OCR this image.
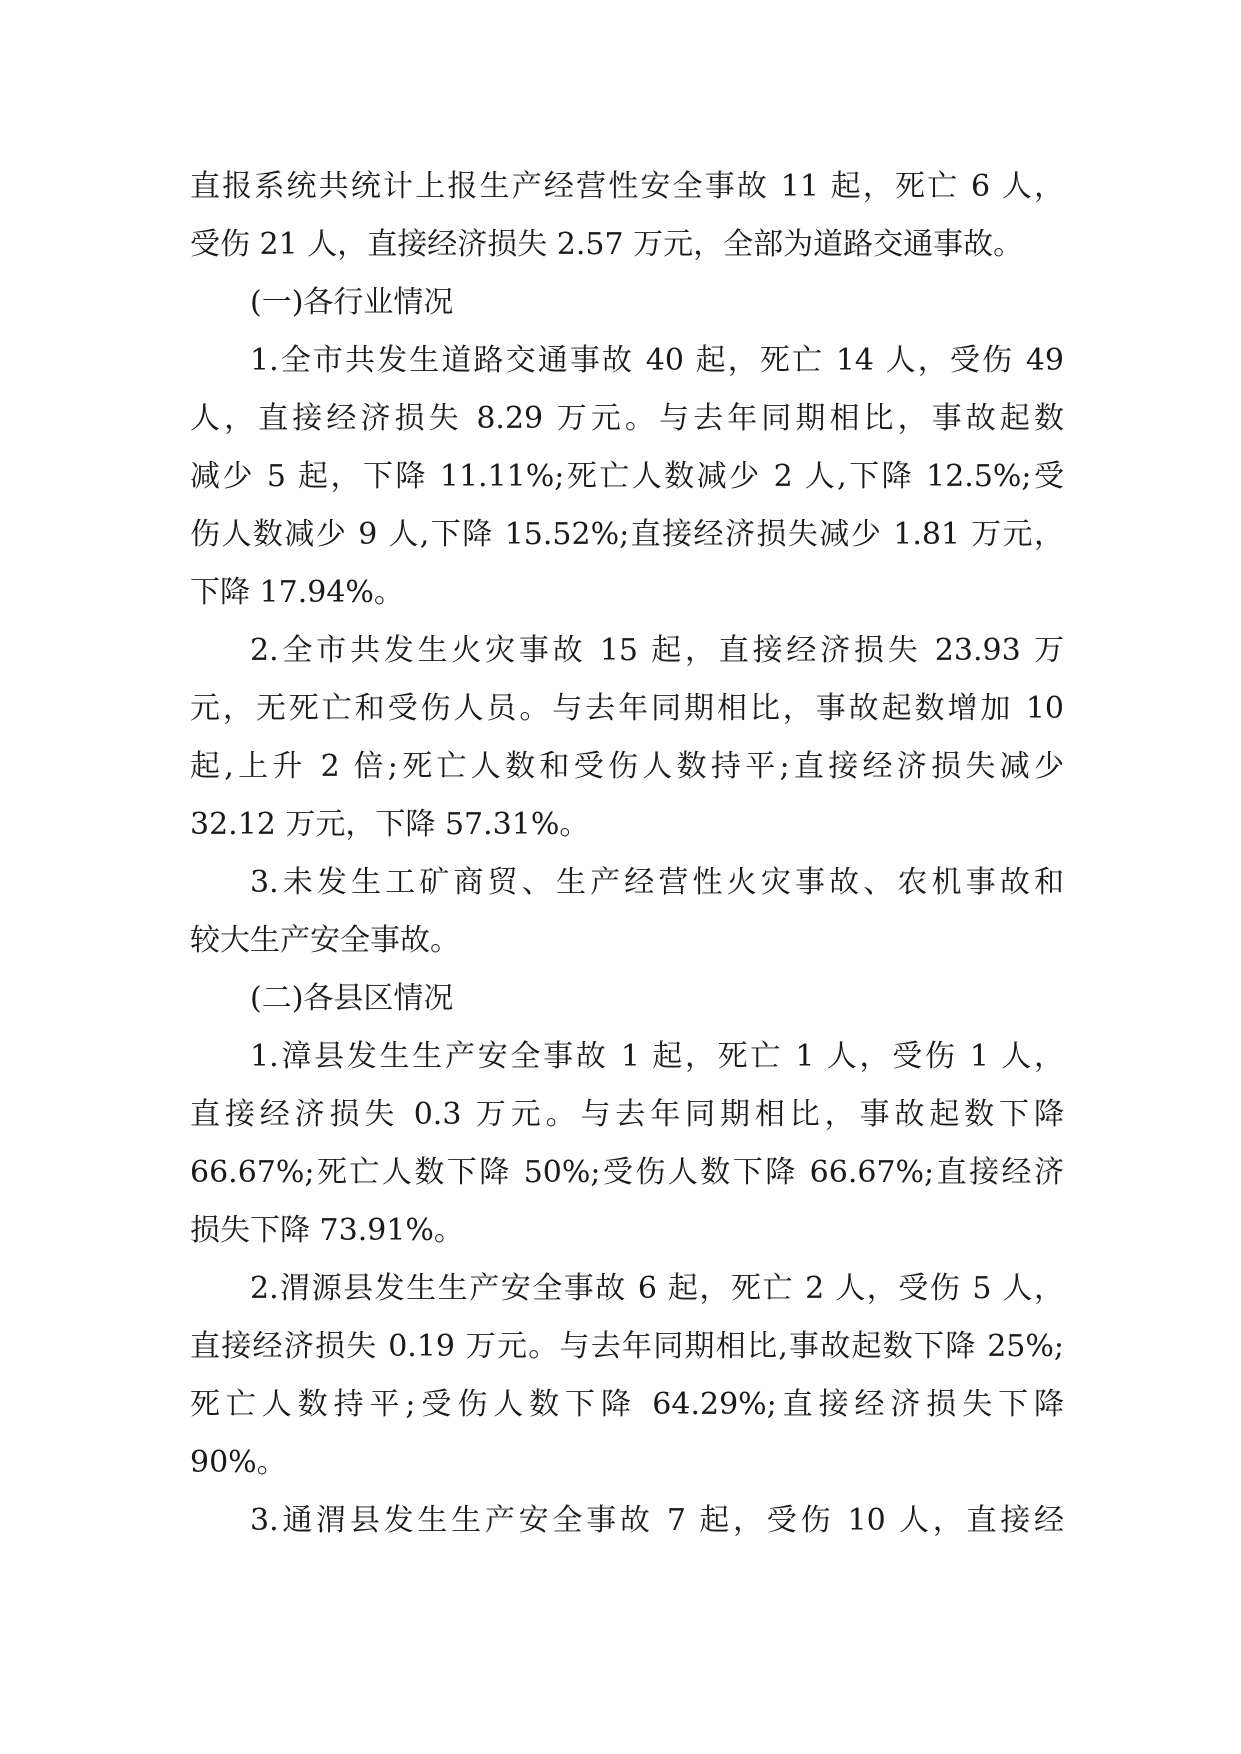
直报系统共统计上报生产经营性安全事故 11 起，死亡 6 人，
受伤 21 人，直接经济损失 2.57 万元，全部为道路交通事故。
(一)各行业情况
1.全市共发生道路交通事故 40 起，死亡 14 人，受伤 49
人，直接经济损失 8.29 万元。与去年同期相比，事故起数
减少 5 起，下降 11.11%;死亡人数减少 2 人,下降 12.5%;受
伤人数减少 9 人,下降 15.52%;直接经济损失减少 1.81 万元，
下降 17.94%。
2.全市共发生火灾事故 15 起，直接经济损失 23.93 万
元，无死亡和受伤人员。与去年同期相比，事故起数增加 10
起,上升 2 倍;死亡人数和受伤人数持平;直接经济损失减少
32.12 万元，下降 57.31%。
3.未发生工矿商贸、生产经营性火灾事故、农机事故和
较大生产安全事故。
(二)各县区情况
1.漳县发生生产安全事故 1 起，死亡 1 人，受伤 1 人，
直接经济损失 0.3 万元。与去年同期相比，事故起数下降
66.67%;死亡人数下降 50%;受伤人数下降 66.67%;直接经济
损失下降 73.91%。
2.渭源县发生生产安全事故 6 起，死亡 2 人，受伤 5 人，
直接经济损失 0.19 万元。与去年同期相比,事故起数下降 25%;
死亡人数持平;受伤人数下降 64.29%;直接经济损失下降
90%。
3.通渭县发生生产安全事故 7 起，受伤 10 人，直接经
